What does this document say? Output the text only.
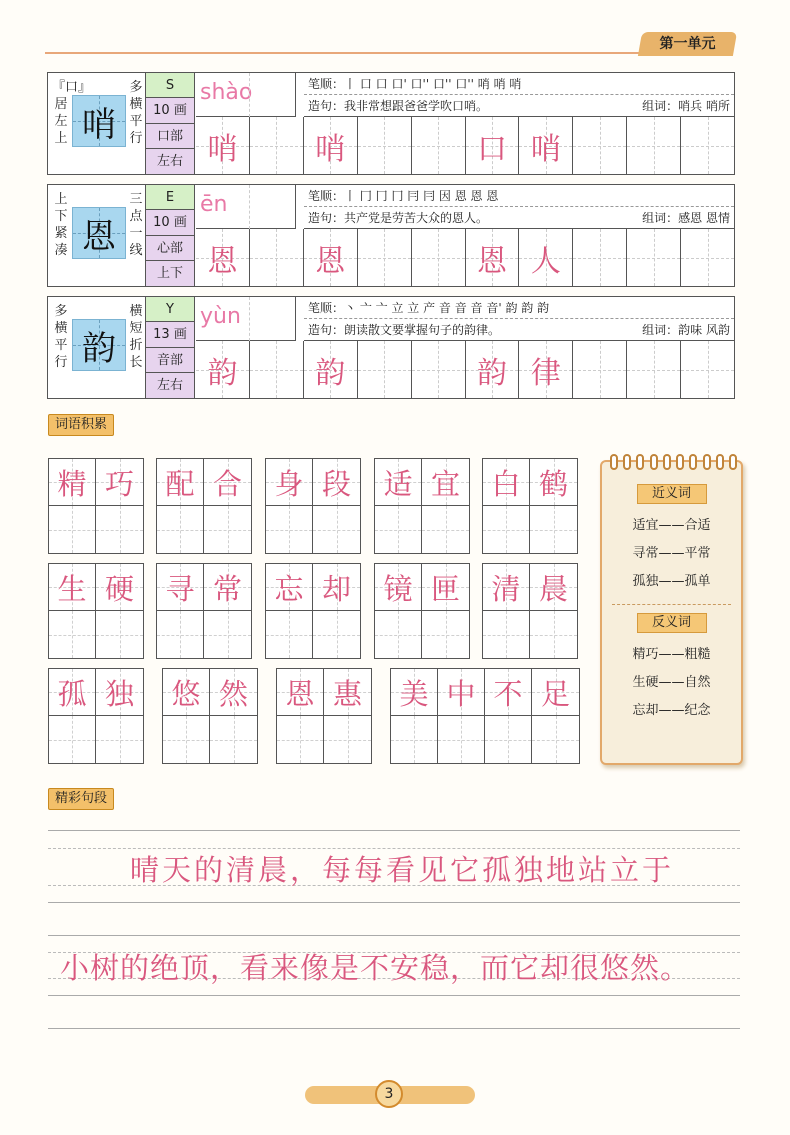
第一单元
『口』居左上 哨
多横平行
S
10 画
口部
左右
shào	笔顺：丨 口 口 口' 口'' 口'' 口'' 哨 哨 哨
造句：我非常想跟爸爸学吹口哨。	组词：哨兵 哨所
哨	哨	口 哨
上下紧凑 恩
三点一线
E
10 画
心部
上下
ēn	笔顺：丨 冂 冂 冂 冃 冃 因 恩 恩 恩
造句：共产党是劳苦大众的恩人。	组词：感恩 恩情
恩	恩	恩 人
多横平行 韵
横短折长
Y
13 画
音部
左右
yùn	笔顺：丶 亠 亠 立 立 产 音 音 音 音' 韵 韵 韵
造句：朗读散文要掌握句子的韵律。	组词：韵味 风韵
韵	韵	韵 律
词语积累
精 巧 配 合 身 段 适 宜 白 鹤
生 硬 寻 常 忘 却 镜 匣 清 晨
孤 独 悠 然 恩 惠 美 中 不 足
近义词
适宜——合适
寻常——平常
孤独——孤单
反义词
精巧——粗糙
生硬——自然
忘却——纪念
精彩句段
晴天的清晨，每每看见它孤独地站立于
小树的绝顶，看来像是不安稳，而它却很悠然。
3
